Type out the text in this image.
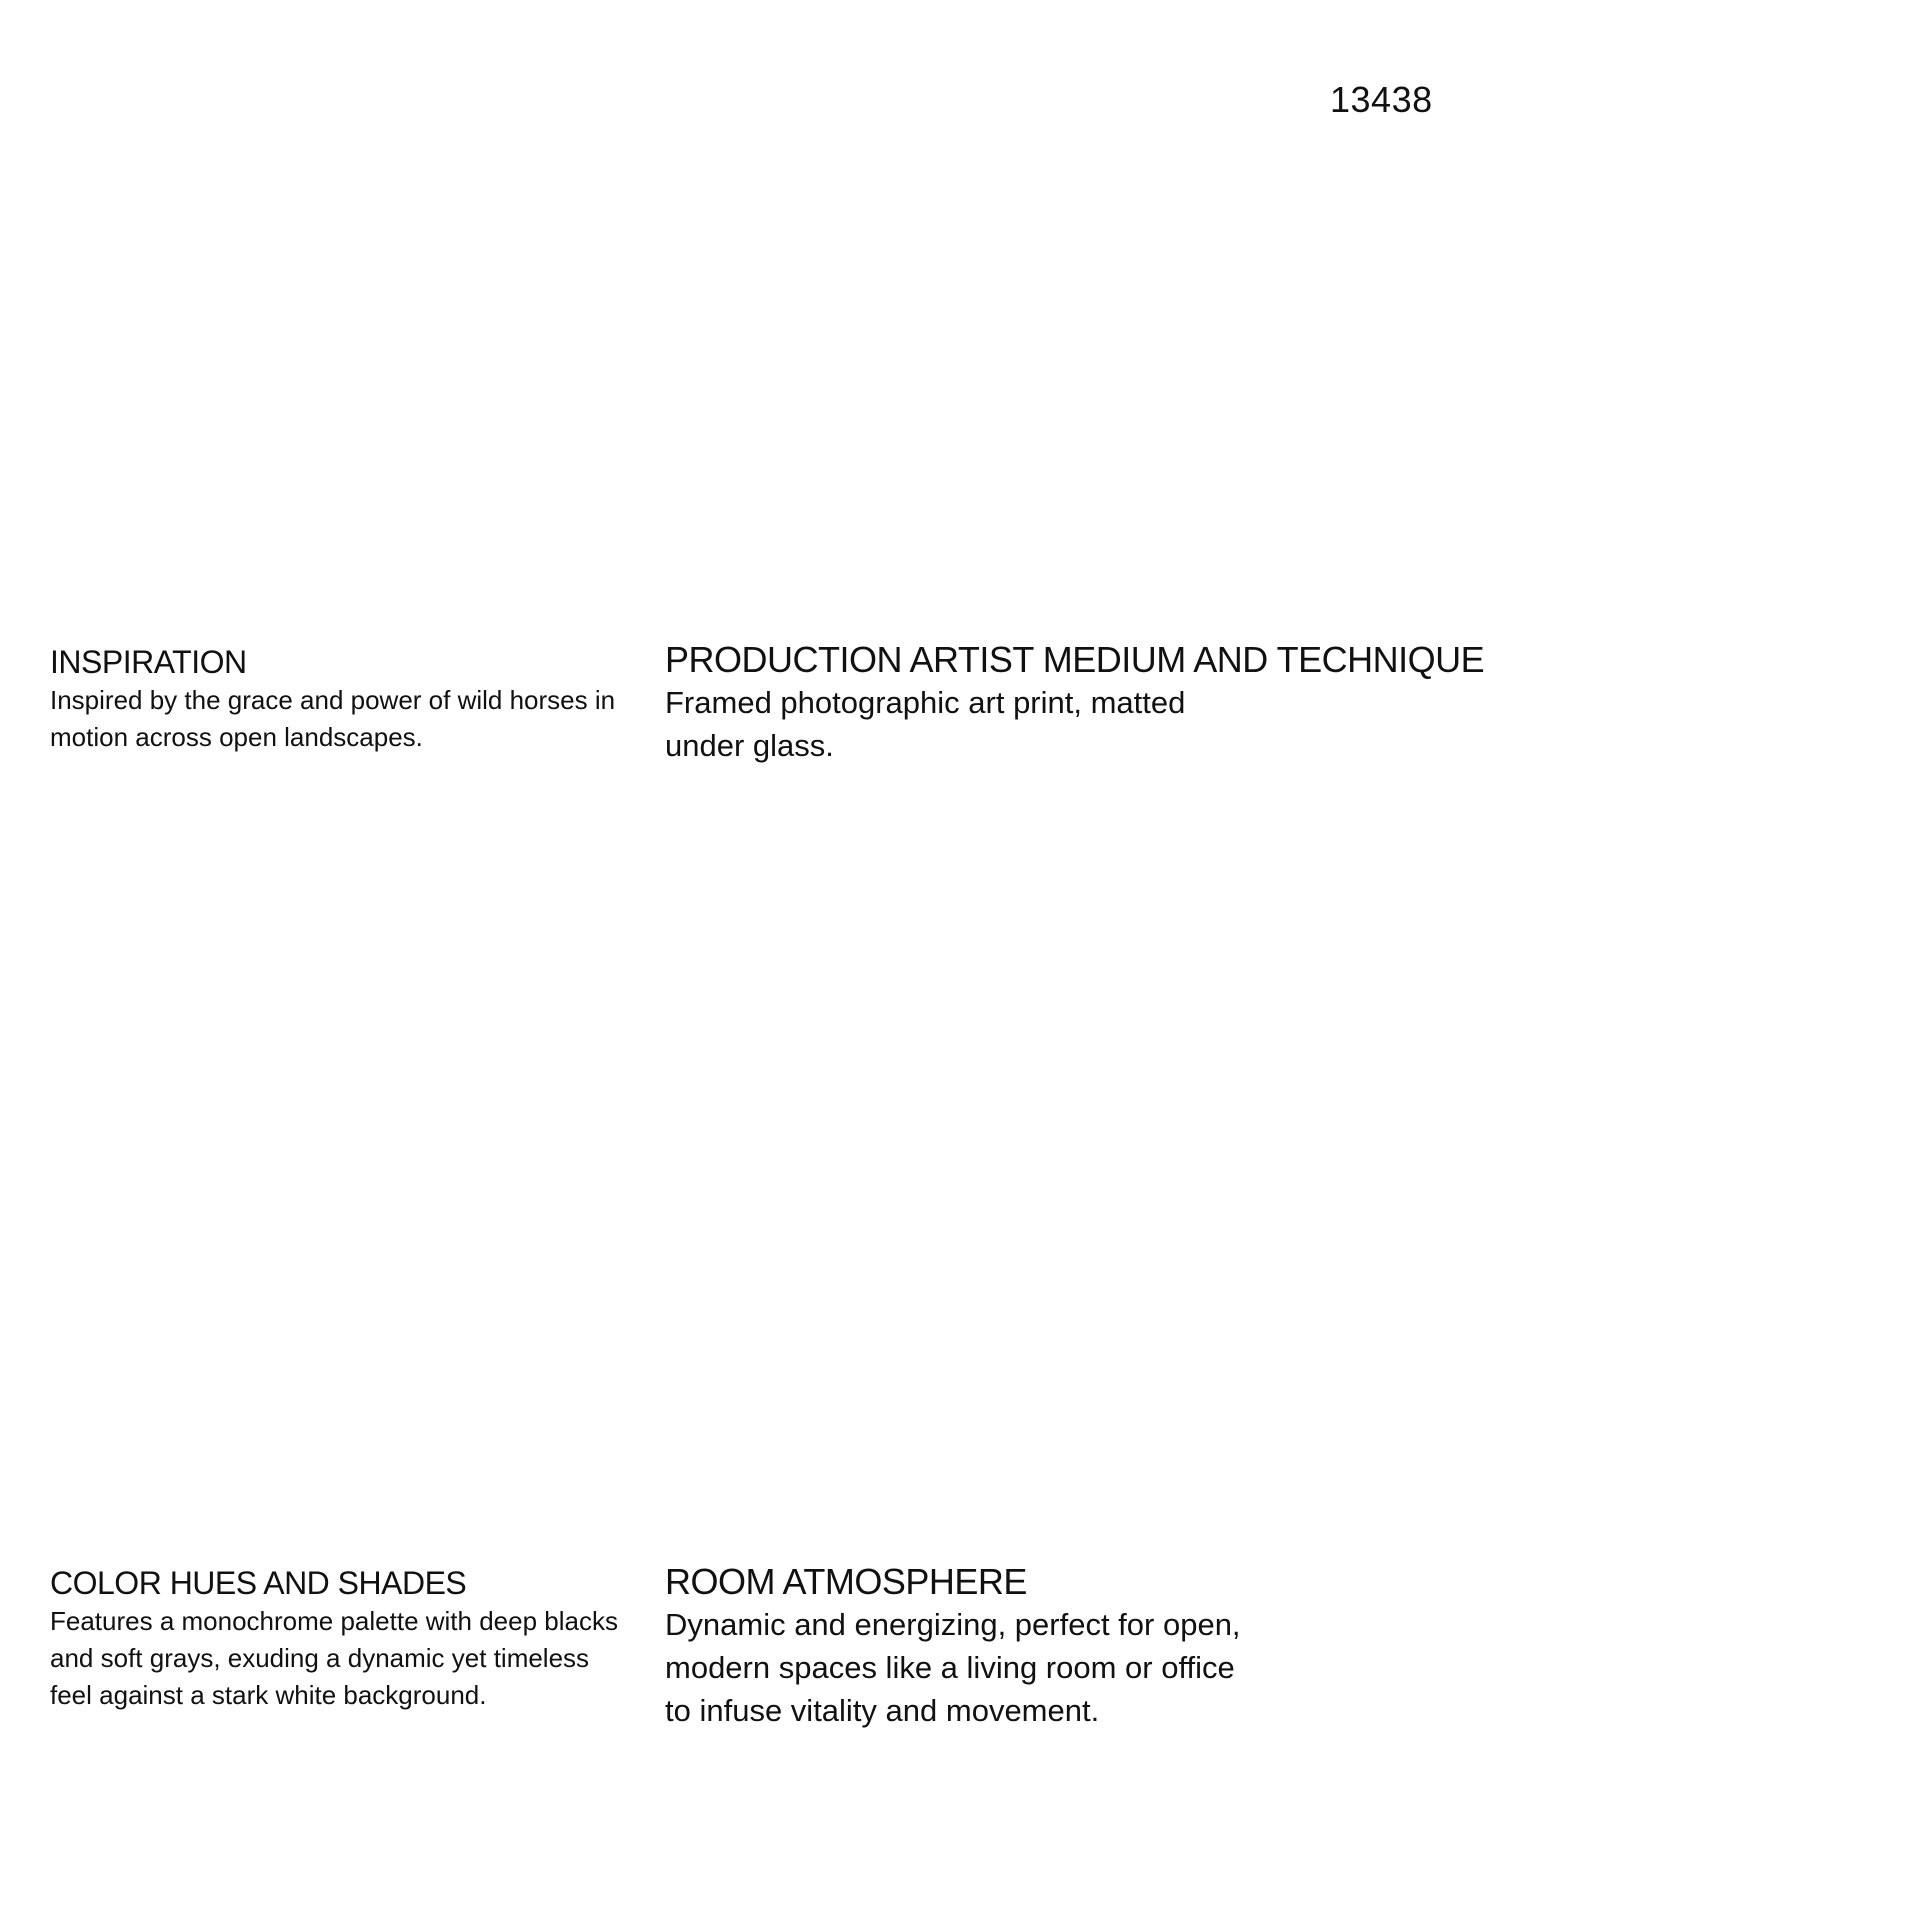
13438
INSPIRATION

Inspired by the grace and power of wild horses in motion across open landscapes.

PRODUCTION ARTIST MEDIUM AND TECHNIQUE

Framed photographic art print, matted under glass.

COLOR HUES AND SHADES

Features a monochrome palette with deep blacks and soft grays, exuding a dynamic yet timeless feel against a stark white background.

ROOM ATMOSPHERE

Dynamic and energizing, perfect for open, modern spaces like a living room or office to infuse vitality and movement.
